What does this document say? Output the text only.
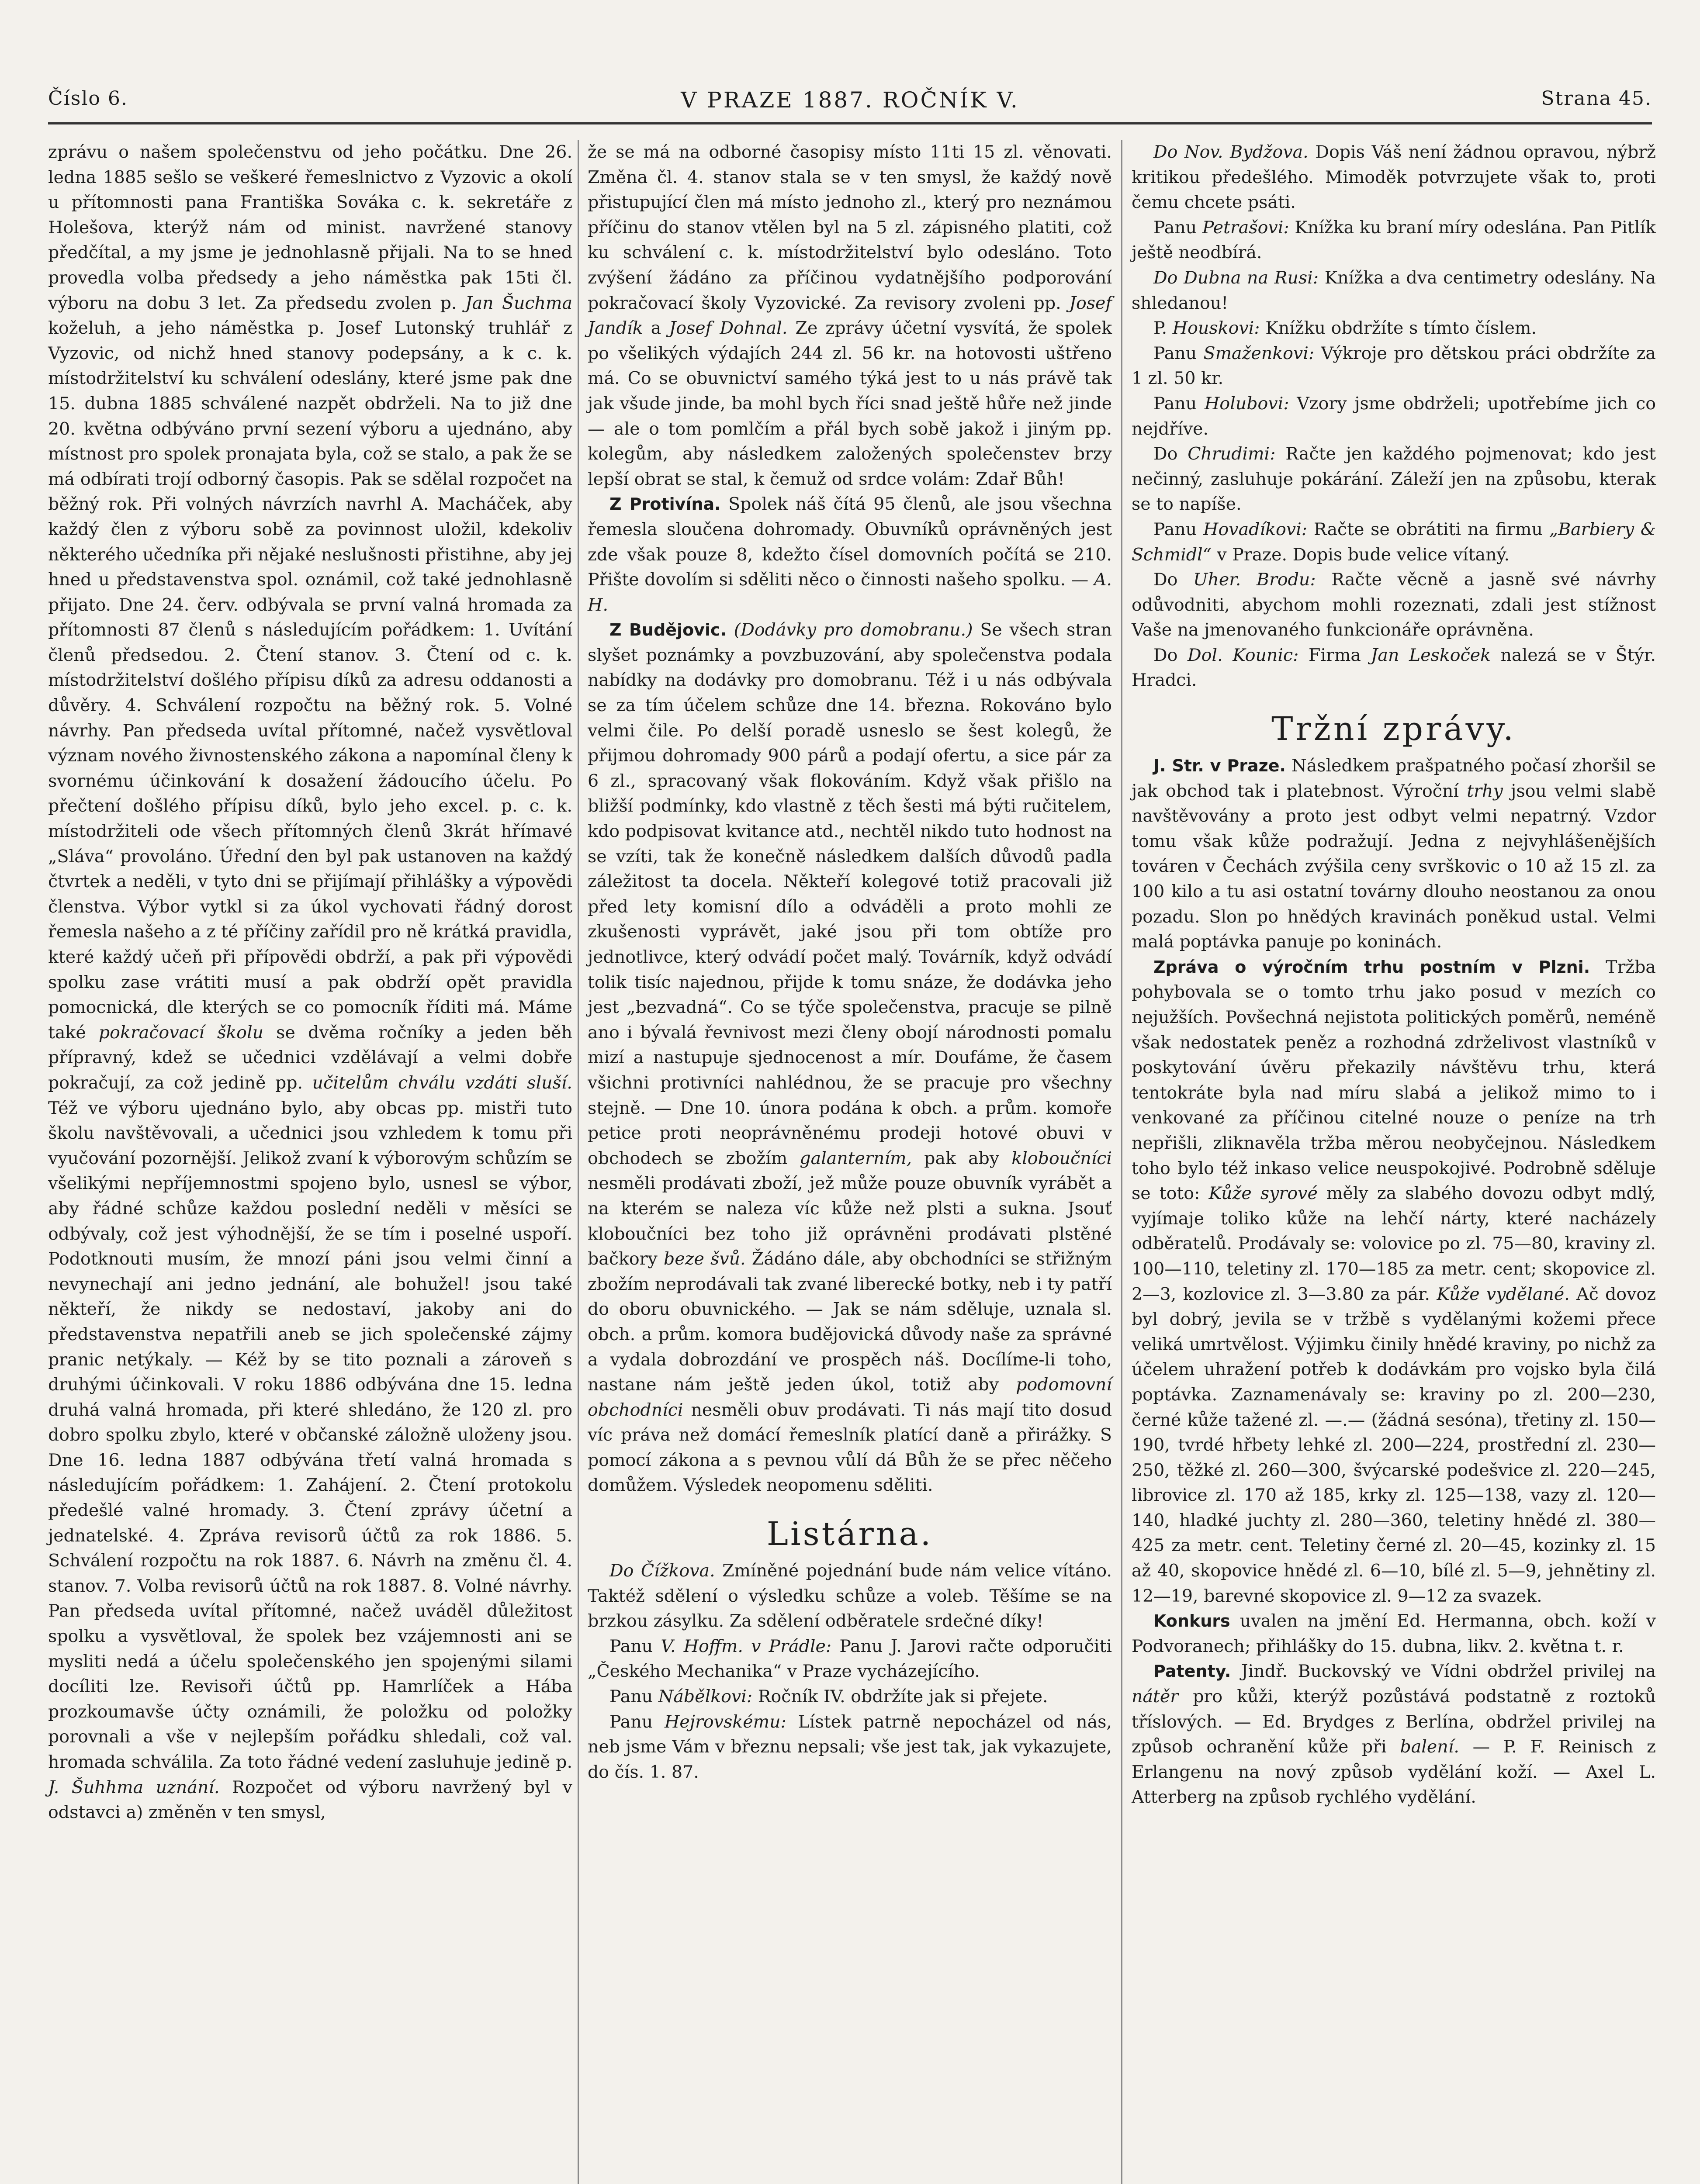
Číslo 6.	V PRAZE 1887. ROČNÍK V.	Strana 45.

zprávu o našem společenstvu od jeho počátku. Dne 26. ledna 1885 sešlo se veškeré řemeslnictvo z Vyzovic a okolí u přítomnosti pana Františka Sováka c. k. sekretáře z Holešova, kterýž nám od minist. navržené stanovy předčítal, a my jsme je jednohlasně přijali. Na to se hned provedla volba předsedy a jeho náměstka pak 15ti čl. výboru na dobu 3 let. Za předsedu zvolen p. Jan Šuchma koželuh, a jeho náměstka p. Josef Lutonský truhlář z Vyzovic, od nichž hned stanovy podepsány, a k c. k. místodržitelství ku schválení odeslány, které jsme pak dne 15. dubna 1885 schválené nazpět obdrželi. Na to již dne 20. května odbýváno první sezení výboru a ujednáno, aby místnost pro spolek pronajata byla, což se stalo, a pak že se má odbírati trojí odborný časopis. Pak se sdělal rozpočet na běžný rok. Při volných návrzích navrhl A. Macháček, aby každý člen z výboru sobě za povinnost uložil, kdekoliv některého učedníka při nějaké neslušnosti přistihne, aby jej hned u představenstva spol. oznámil, což také jednohlasně přijato. Dne 24. červ. odbývala se první valná hromada za přítomnosti 87 členů s následujícím pořádkem: 1. Uvítání členů předsedou. 2. Čtení stanov. 3. Čtení od c. k. místodržitelství došlého přípisu díků za adresu oddanosti a důvěry. 4. Schválení rozpočtu na běžný rok. 5. Volné návrhy. Pan předseda uvítal přítomné, načež vysvětloval význam nového živnostenského zákona a napomínal členy k svornému účinkování k dosažení žádoucího účelu. Po přečtení došlého přípisu díků, bylo jeho excel. p. c. k. místodržiteli ode všech přítomných členů 3krát hřímavé „Sláva“ provoláno. Úřední den byl pak ustanoven na každý čtvrtek a neděli, v tyto dni se přijímají přihlášky a výpovědi členstva. Výbor vytkl si za úkol vychovati řádný dorost řemesla našeho a z té příčiny zařídil pro ně krátká pravidla, které každý učeň při přípovědi obdrží, a pak při výpovědi spolku zase vrátiti musí a pak obdrží opět pravidla pomocnická, dle kterých se co pomocník říditi má. Máme také pokračovací školu se dvěma ročníky a jeden běh přípravný, kdež se učednici vzdělávají a velmi dobře pokračují, za což jedině pp. učitelům chválu vzdáti sluší. Též ve výboru ujednáno bylo, aby obcas pp. mistři tuto školu navštěvovali, a učednici jsou vzhledem k tomu při vyučování pozornější. Jelikož zvaní k výborovým schůzím se všelikými nepříjemnostmi spojeno bylo, usnesl se výbor, aby řádné schůze každou poslední neděli v měsíci se odbývaly, což jest výhodnější, že se tím i poselné uspoří. Podotknouti musím, že mnozí páni jsou velmi činní a nevynechají ani jedno jednání, ale bohužel! jsou také někteří, že nikdy se nedostaví, jakoby ani do představenstva nepatřili aneb se jich společenské zájmy pranic netýkaly. — Kéž by se tito poznali a zároveň s druhými účinkovali. V roku 1886 odbývána dne 15. ledna druhá valná hromada, při které shledáno, že 120 zl. pro dobro spolku zbylo, které v občanské záložně uloženy jsou. Dne 16. ledna 1887 odbývána třetí valná hromada s následujícím pořádkem: 1. Zahájení. 2. Čtení protokolu předešlé valné hromady. 3. Čtení zprávy účetní a jednatelské. 4. Zpráva revisorů účtů za rok 1886. 5. Schválení rozpočtu na rok 1887. 6. Návrh na změnu čl. 4. stanov. 7. Volba revisorů účtů na rok 1887. 8. Volné návrhy. Pan předseda uvítal přítomné, načež uváděl důležitost spolku a vysvětloval, že spolek bez vzájemnosti ani se mysliti nedá a účelu společenského jen spojenými silami docíliti lze. Revisoři účtů pp. Hamrlíček a Hába prozkoumavše účty oznámili, že položku od položky porovnali a vše v nejlepším pořádku shledali, což val. hromada schválila. Za toto řádné vedení zasluhuje jedině p. J. Šuhhma uznání. Rozpočet od výboru navržený byl v odstavci a) změněn v ten smysl,

že se má na odborné časopisy místo 11ti 15 zl. věnovati. Změna čl. 4. stanov stala se v ten smysl, že každý nově přistupující člen má místo jednoho zl., který pro neznámou příčinu do stanov vtělen byl na 5 zl. zápisného platiti, což ku schválení c. k. místodržitelství bylo odesláno. Toto zvýšení žádáno za příčinou vydatnějšího podporování pokračovací školy Vyzovické. Za revisory zvoleni pp. Josef Jandík a Josef Dohnal. Ze zprávy účetní vysvítá, že spolek po všelikých výdajích 244 zl. 56 kr. na hotovosti uštřeno má. Co se obuvnictví samého týká jest to u nás právě tak jak všude jinde, ba mohl bych říci snad ještě hůře než jinde — ale o tom pomlčím a přál bych sobě jakož i jiným pp. kolegům, aby následkem založených společenstev brzy lepší obrat se stal, k čemuž od srdce volám: Zdař Bůh!

Z Protivína. Spolek náš čítá 95 členů, ale jsou všechna řemesla sloučena dohromady. Obuvníků oprávněných jest zde však pouze 8, kdežto čísel domovních počítá se 210. Přište dovolím si sděliti něco o činnosti našeho spolku. — A. H.

Z Budějovic. (Dodávky pro domobranu.) Se všech stran slyšet poznámky a povzbuzování, aby společenstva podala nabídky na dodávky pro domobranu. Též i u nás odbývala se za tím účelem schůze dne 14. března. Rokováno bylo velmi čile. Po delší poradě usneslo se šest kolegů, že přijmou dohromady 900 párů a podají ofertu, a sice pár za 6 zl., spracovaný však flokováním. Když však přišlo na bližší podmínky, kdo vlastně z těch šesti má býti ručitelem, kdo podpisovat kvitance atd., nechtěl nikdo tuto hodnost na se vzíti, tak že konečně následkem dalších důvodů padla záležitost ta docela. Někteří kolegové totiž pracovali již před lety komisní dílo a odváděli a proto mohli ze zkušenosti vyprávět, jaké jsou při tom obtíže pro jednotlivce, který odvádí počet malý. Továrník, když odvádí tolik tisíc najednou, přijde k tomu snáze, že dodávka jeho jest „bezvadná“. Co se týče společenstva, pracuje se pilně ano i bývalá řevnivost mezi členy obojí národnosti pomalu mizí a nastupuje sjednocenost a mír. Doufáme, že časem všichni protivníci nahlédnou, že se pracuje pro všechny stejně. — Dne 10. února podána k obch. a prům. komoře petice proti neoprávněnému prodeji hotové obuvi v obchodech se zbožím galanterním, pak aby kloboučníci nesměli prodávati zboží, jež může pouze obuvník vyrábět a na kterém se naleza víc kůže než plsti a sukna. Jsouť kloboučníci bez toho již oprávněni prodávati plstěné bačkory beze švů. Žádáno dále, aby obchodníci se střižným zbožím neprodávali tak zvané liberecké botky, neb i ty patří do oboru obuvnického. — Jak se nám sděluje, uznala sl. obch. a prům. komora budějovická důvody naše za správné a vydala dobrozdání ve prospěch náš. Docílíme-li toho, nastane nám ještě jeden úkol, totiž aby podomovní obchodníci nesměli obuv prodávati. Ti nás mají tito dosud víc práva než domácí řemeslník platící daně a přirážky. S pomocí zákona a s pevnou vůlí dá Bůh že se přec něčeho domůžem. Výsledek neopomenu sděliti.

Listárna.

Do Čížkova. Zmíněné pojednání bude nám velice vítáno. Taktéž sdělení o výsledku schůze a voleb. Těšíme se na brzkou zásylku. Za sdělení odběratele srdečné díky!

Panu V. Hoffm. v Prádle: Panu J. Jarovi račte odporučiti „Českého Mechanika“ v Praze vycházejícího.

Panu Nábělkovi: Ročník IV. obdržíte jak si přejete.

Panu Hejrovskému: Lístek patrně nepocházel od nás, neb jsme Vám v březnu nepsali; vše jest tak, jak vykazujete, do čís. 1. 87.

Do Nov. Bydžova. Dopis Váš není žádnou opravou, nýbrž kritikou předešlého. Mimoděk potvrzujete však to, proti čemu chcete psáti.

Panu Petrašovi: Knížka ku braní míry odeslána. Pan Pitlík ještě neodbírá.

Do Dubna na Rusi: Knížka a dva centimetry odeslány. Na shledanou!

P. Houskovi: Knížku obdržíte s tímto číslem.

Panu Smaženkovi: Výkroje pro dětskou práci obdržíte za 1 zl. 50 kr.

Panu Holubovi: Vzory jsme obdrželi; upotřebíme jich co nejdříve.

Do Chrudimi: Račte jen každého pojmenovat; kdo jest nečinný, zasluhuje pokárání. Záleží jen na způsobu, kterak se to napíše.

Panu Hovadíkovi: Račte se obrátiti na firmu „Barbiery & Schmidl“ v Praze. Dopis bude velice vítaný.

Do Uher. Brodu: Račte věcně a jasně své návrhy odůvodniti, abychom mohli rozeznati, zdali jest stížnost Vaše na jmenovaného funkcionáře oprávněna.

Do Dol. Kounic: Firma Jan Leskoček nalezá se v Štýr. Hradci.

Tržní zprávy.

J. Str. v Praze. Následkem prašpatného počasí zhoršil se jak obchod tak i platebnost. Výroční trhy jsou velmi slabě navštěvovány a proto jest odbyt velmi nepatrný. Vzdor tomu však kůže podražují. Jedna z nejvyhlášenějších továren v Čechách zvýšila ceny svrškovic o 10 až 15 zl. za 100 kilo a tu asi ostatní továrny dlouho neostanou za onou pozadu. Slon po hnědých kravinách poněkud ustal. Velmi malá poptávka panuje po koninách.

Zpráva o výročním trhu postním v Plzni. Tržba pohybovala se o tomto trhu jako posud v mezích co nejužších. Povšechná nejistota politických poměrů, neméně však nedostatek peněz a rozhodná zdrželivost vlastníků v poskytování úvěru překazily návštěvu trhu, která tentokráte byla nad míru slabá a jelikož mimo to i venkované za příčinou citelné nouze o peníze na trh nepřišli, zliknavěla tržba měrou neobyčejnou. Následkem toho bylo též inkaso velice neuspokojivé. Podrobně sděluje se toto: Kůže syrové měly za slabého dovozu odbyt mdlý, vyjímaje toliko kůže na lehčí nárty, které nacházely odběratelů. Prodávaly se: volovice po zl. 75—80, kraviny zl. 100—110, teletiny zl. 170—185 za metr. cent; skopovice zl. 2—3, kozlovice zl. 3—3.80 za pár. Kůže vydělané. Ač dovoz byl dobrý, jevila se v tržbě s vydělanými kožemi přece veliká umrtvělost. Výjimku činily hnědé kraviny, po nichž za účelem uhražení potřeb k dodávkám pro vojsko byla čilá poptávka. Zaznamenávaly se: kraviny po zl. 200—230, černé kůže tažené zl. —.— (žádná sesóna), třetiny zl. 150—190, tvrdé hřbety lehké zl. 200—224, prostřední zl. 230—250, těžké zl. 260—300, švýcarské podešvice zl. 220—245, librovice zl. 170 až 185, krky zl. 125—138, vazy zl. 120—140, hladké juchty zl. 280—360, teletiny hnědé zl. 380—425 za metr. cent. Teletiny černé zl. 20—45, kozinky zl. 15 až 40, skopovice hnědé zl. 6—10, bílé zl. 5—9, jehnětiny zl. 12—19, barevné skopovice zl. 9—12 za svazek.

Konkurs uvalen na jmění Ed. Hermanna, obch. koží v Podvoranech; přihlášky do 15. dubna, likv. 2. května t. r.

Patenty. Jindř. Buckovský ve Vídni obdržel privilej na nátěr pro kůži, kterýž pozůstává podstatně z roztoků tříslových. — Ed. Brydges z Berlína, obdržel privilej na způsob ochranění kůže při balení. — P. F. Reinisch z Erlangenu na nový způsob vydělání koží. — Axel L. Atterberg na způsob rychlého vydělání.
